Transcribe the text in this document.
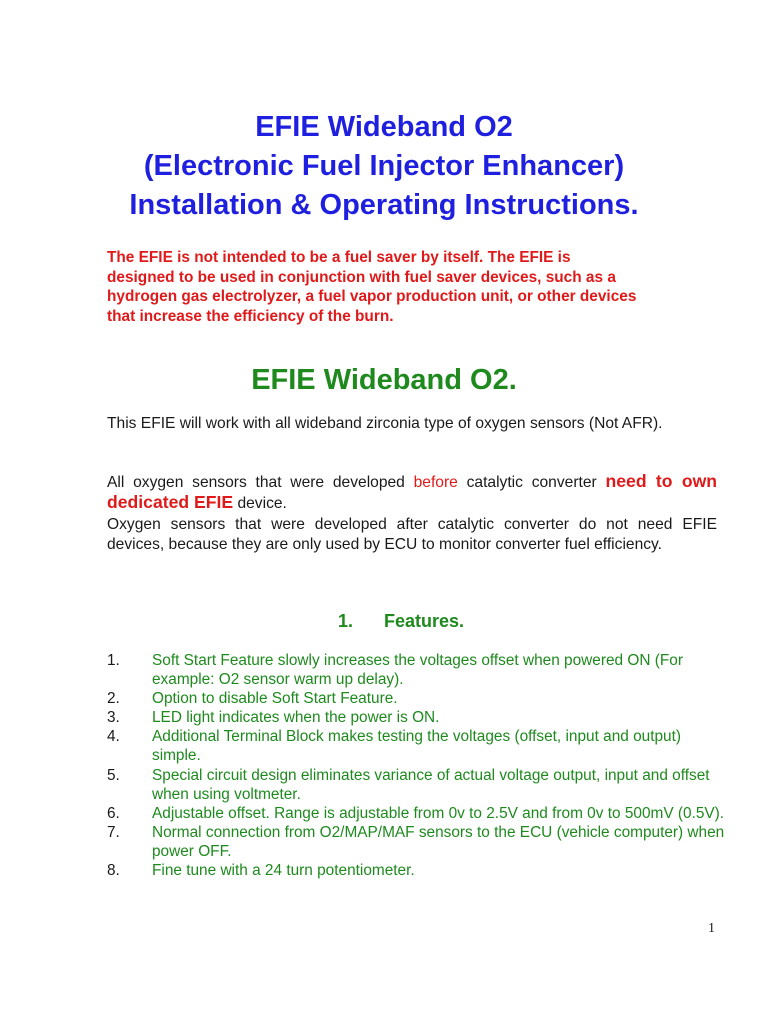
EFIE Wideband O2
(Electronic Fuel Injector Enhancer)
Installation & Operating Instructions.
The EFIE is not intended to be a fuel saver by itself. The EFIE is
designed to be used in conjunction with fuel saver devices, such as a
hydrogen gas electrolyzer, a fuel vapor production unit, or other devices
that increase the efficiency of the burn.
EFIE Wideband O2.
This EFIE will work with all wideband zirconia type of oxygen sensors (Not AFR).
All oxygen sensors that were developed before catalytic converter need to own dedicated EFIE device.
Oxygen sensors that were developed after catalytic converter do not need EFIE devices, because they are only used by ECU to monitor converter fuel efficiency.
1. Features.
1. Soft Start Feature slowly increases the voltages offset when powered ON (For example: O2 sensor warm up delay).
2. Option to disable Soft Start Feature.
3. LED light indicates when the power is ON.
4. Additional Terminal Block makes testing the voltages (offset, input and output) simple.
5. Special circuit design eliminates variance of actual voltage output, input and offset when using voltmeter.
6. Adjustable offset. Range is adjustable from 0v to 2.5V and from 0v to 500mV (0.5V).
7. Normal connection from O2/MAP/MAF sensors to the ECU (vehicle computer) when power OFF.
8. Fine tune with a 24 turn potentiometer.
1
